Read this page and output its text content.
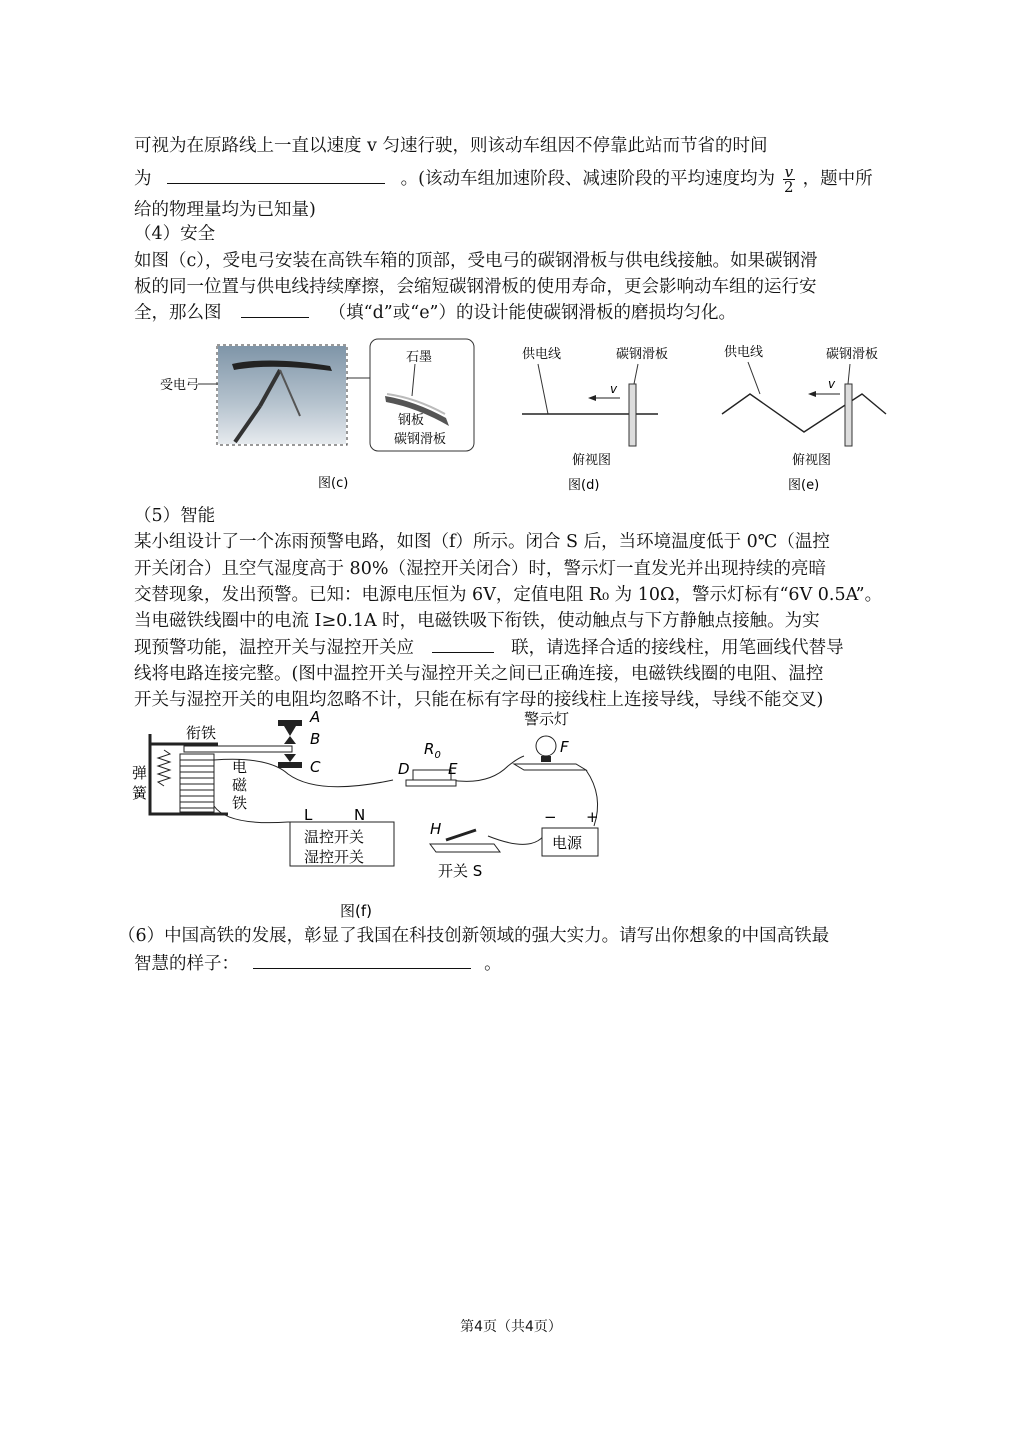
可视为在原路线上一直以速度 v 匀速行驶，则该动车组因不停靠此站而节省的时间
为	。(该动车组加速阶段、减速阶段的平均速度均为 $\frac{v}{2}$ ，题中所
给的物理量均为已知量)
（4）安全
如图（c），受电弓安装在高铁车箱的顶部，受电弓的碳钢滑板与供电线接触。如果碳钢滑
板的同一位置与供电线持续摩擦，会缩短碳钢滑板的使用寿命，更会影响动车组的运行安
全，那么图	（填“d”或“e”）的设计能使碳钢滑板的磨损均匀化。
受电弓
石墨
钢板
碳钢滑板
图(c)
供电线	碳钢滑板
v
俯视图
图(d)
供电线	碳钢滑板
v
俯视图
图(e)
（5）智能
某小组设计了一个冻雨预警电路，如图（f）所示。闭合 S 后，当环境温度低于 0℃（温控
开关闭合）且空气湿度高于 80%（湿控开关闭合）时，警示灯一直发光并出现持续的亮暗
交替现象，发出预警。已知：电源电压恒为 6V，定值电阻 R₀ 为 10Ω，警示灯标有“6V 0.5A”。
当电磁铁线圈中的电流 I≥0.1A 时，电磁铁吸下衔铁，使动触点与下方静触点接触。为实
现预警功能，温控开关与湿控开关应	联，请选择合适的接线柱，用笔画线代替导
线将电路连接完整。(图中温控开关与湿控开关之间已正确连接，电磁铁线圈的电阻、温控
开关与湿控开关的电阻均忽略不计，只能在标有字母的接线柱上连接导线，导线不能交叉)
衔铁
弹
簧
电
磁
铁
A
B
C
$R_0$
D	E
警示灯
F
L	N
温控开关
湿控开关
H
开关 S
电源
− +
图(f)
（6）中国高铁的发展，彰显了我国在科技创新领域的强大实力。请写出你想象的中国高铁最
智慧的样子：	。
第4页（共4页）
